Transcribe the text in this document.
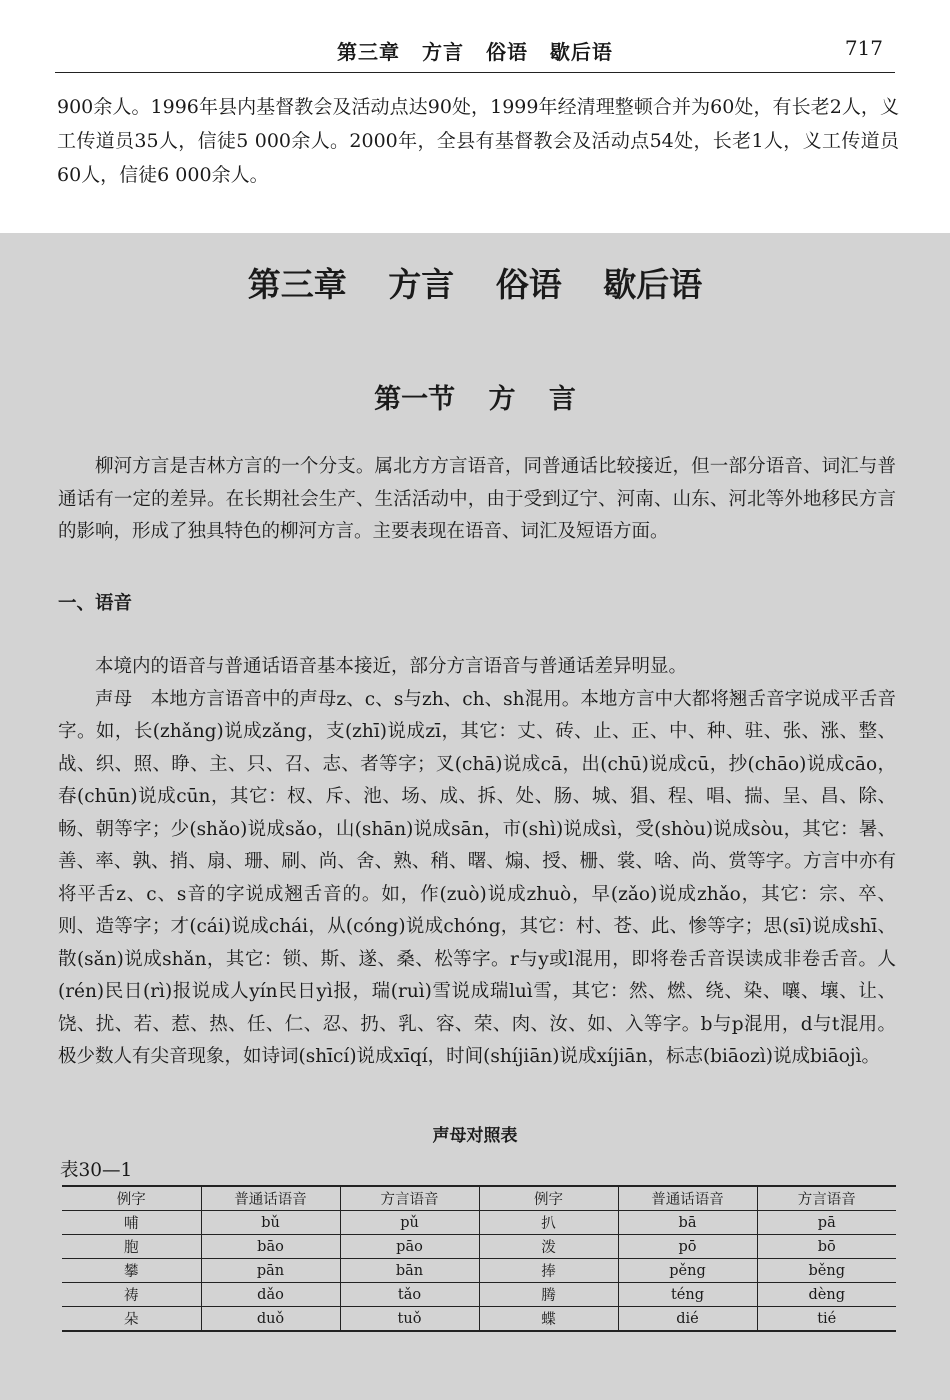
第三章 方言 俗语 歇后语	717

900余人。1996年县内基督教会及活动点达90处，1999年经清理整顿合并为60处，有长老2人，义工传道员35人，信徒5 000余人。2000年，全县有基督教会及活动点54处，长老1人，义工传道员60人，信徒6 000余人。

第三章 方言 俗语 歇后语
第一节 方 言

柳河方言是吉林方言的一个分支。属北方方言语音，同普通话比较接近，但一部分语音、词汇与普通话有一定的差异。在长期社会生产、生活活动中，由于受到辽宁、河南、山东、河北等外地移民方言的影响，形成了独具特色的柳河方言。主要表现在语音、词汇及短语方面。

一、语音

本境内的语音与普通话语音基本接近，部分方言语音与普通话差异明显。

声母　本地方言语音中的声母z、c、s与zh、ch、sh混用。本地方言中大都将翘舌音字说成平舌音字。如，长(zhǎng)说成zǎng，支(zhī)说成zī，其它：丈、砖、止、正、中、种、驻、张、涨、整、战、织、照、睁、主、只、召、志、者等字；叉(chā)说成cā，出(chū)说成cū，抄(chāo)说成cāo，春(chūn)说成cūn，其它：杈、斥、池、场、成、拆、处、肠、城、猖、程、唱、揣、呈、昌、除、畅、朝等字；少(shǎo)说成sǎo，山(shān)说成sān，市(shì)说成sì，受(shòu)说成sòu，其它：暑、善、率、孰、捎、扇、珊、刷、尚、舍、熟、稍、曙、煽、授、栅、裳、啥、尚、赏等字。方言中亦有将平舌z、c、s音的字说成翘舌音的。如，作(zuò)说成zhuò，早(zǎo)说成zhǎo，其它：宗、卒、则、造等字；才(cái)说成chái，从(cóng)说成chóng，其它：村、苍、此、惨等字；思(sī)说成shī、散(sǎn)说成shǎn，其它：锁、斯、遂、桑、松等字。r与y或l混用，即将卷舌音误读成非卷舌音。人(rén)民日(rì)报说成人yín民日yì报，瑞(ruì)雪说成瑞luì雪，其它：然、燃、绕、染、嚷、壤、让、饶、扰、若、惹、热、任、仁、忍、扔、乳、容、荣、肉、汝、如、入等字。b与p混用，d与t混用。极少数人有尖音现象，如诗词(shīcí)说成xīqí，时间(shíjiān)说成xíjiān，标志(biāozì)说成biāojì。

声母对照表

表30—1

例字	普通话语音	方言语音	例字	普通话语音	方言语音
哺	bǔ	pǔ	扒	bā	pā
胞	bāo	pāo	泼	pō	bō
攀	pān	bān	捧	pěng	běng
祷	dǎo	tǎo	腾	téng	dèng
朵	duǒ	tuǒ	蝶	dié	tié
